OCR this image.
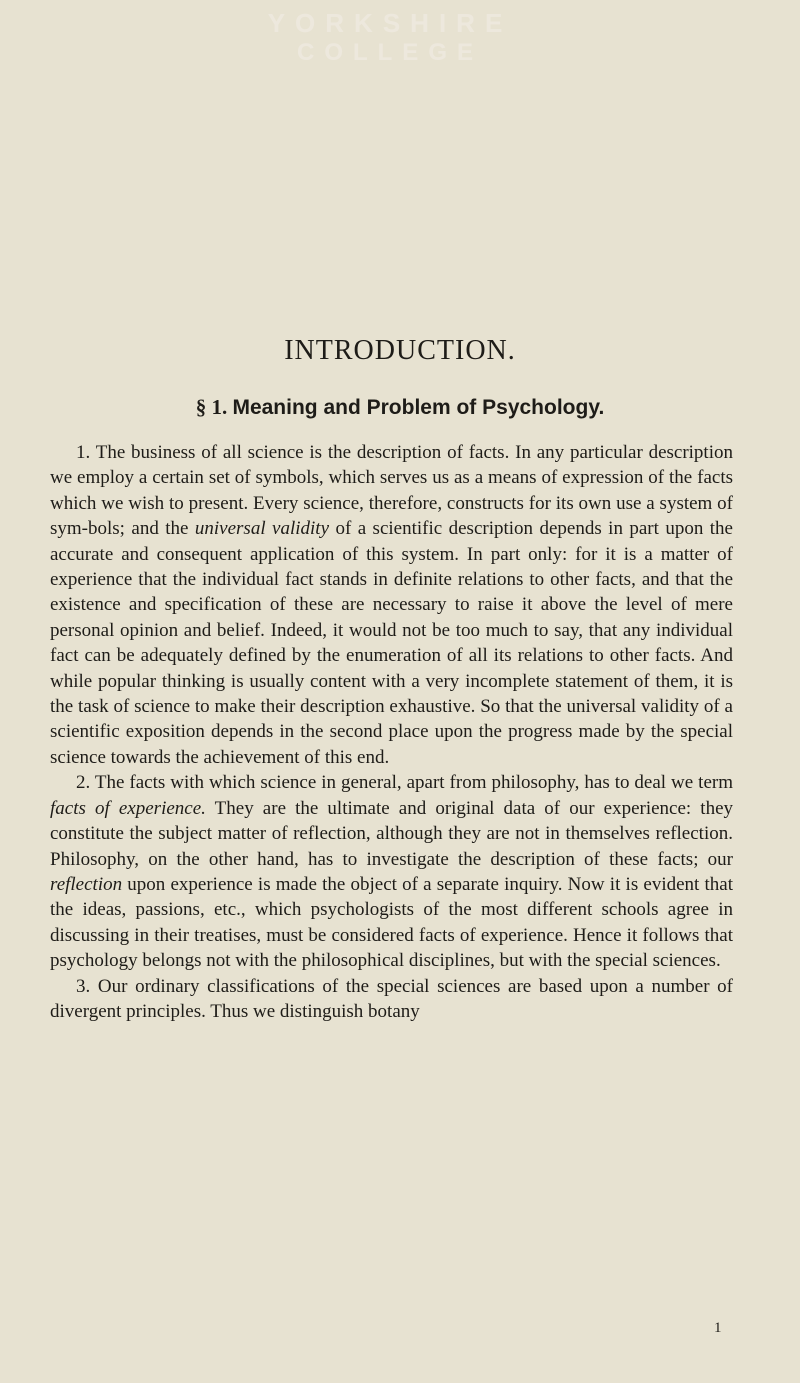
YORKSHIRE
COLLEGE
INTRODUCTION.
§ 1. Meaning and Problem of Psychology.

1. The business of all science is the description of facts. In any particular description we employ a certain set of symbols, which serves us as a means of expression of the facts which we wish to present. Every science, therefore, constructs for its own use a system of sym-bols; and the universal validity of a scientific description depends in part upon the accurate and consequent application of this system. In part only: for it is a matter of experience that the individual fact stands in definite relations to other facts, and that the existence and specification of these are necessary to raise it above the level of mere personal opinion and belief. Indeed, it would not be too much to say, that any individual fact can be adequately defined by the enumeration of all its relations to other facts. And while popular thinking is usually content with a very incomplete statement of them, it is the task of science to make their description exhaustive. So that the universal validity of a scientific exposition depends in the second place upon the progress made by the special science towards the achievement of this end.

2. The facts with which science in general, apart from philosophy, has to deal we term facts of experience. They are the ultimate and original data of our experience: they constitute the subject matter of reflection, although they are not in themselves reflection. Philosophy, on the other hand, has to investigate the description of these facts; our reflection upon experience is made the object of a separate inquiry. Now it is evident that the ideas, passions, etc., which psychologists of the most different schools agree in discussing in their treatises, must be considered facts of experience. Hence it follows that psychology belongs not with the philosophical disciplines, but with the special sciences.

3. Our ordinary classifications of the special sciences are based upon a number of divergent principles. Thus we distinguish botany

1
